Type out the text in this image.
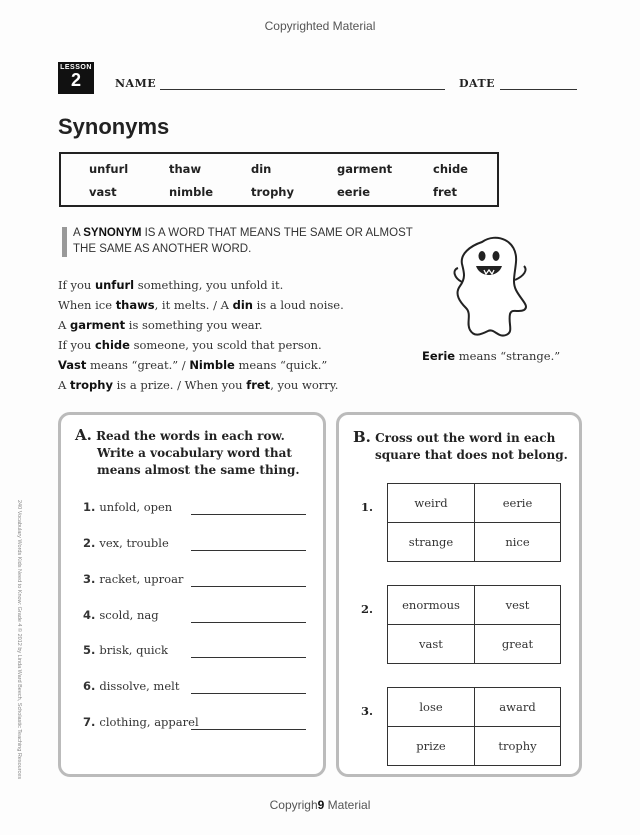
Copyrighted Material
LESSON
2	NAME	DATE
Synonyms
unfurl	thaw	din	garment	chide
vast	nimble	trophy	eerie	fret
A SYNONYM IS A WORD THAT MEANS THE SAME OR ALMOST THE SAME AS ANOTHER WORD.
If you unfurl something, you unfold it.
When ice thaws, it melts. / A din is a loud noise.
A garment is something you wear.
If you chide someone, you scold that person.
Vast means “great.” / Nimble means “quick.”
A trophy is a prize. / When you fret, you worry.
Eerie means “strange.”
A. Read the words in each row.
Write a vocabulary word that
means almost the same thing.
1. unfold, open
2. vex, trouble
3. racket, uproar
4. scold, nag
5. brisk, quick
6. dissolve, melt
7. clothing, apparel
B. Cross out the word in each
square that does not belong.
1.	weird	eerie
strange	nice
2.	enormous	vest
vast	great
3.	lose	award
prize	trophy
Copyrigh9 Material
240 Vocabulary Words Kids Need to Know: Grade 4 © 2012 by Linda Ward Beech, Scholastic Teaching Resources
